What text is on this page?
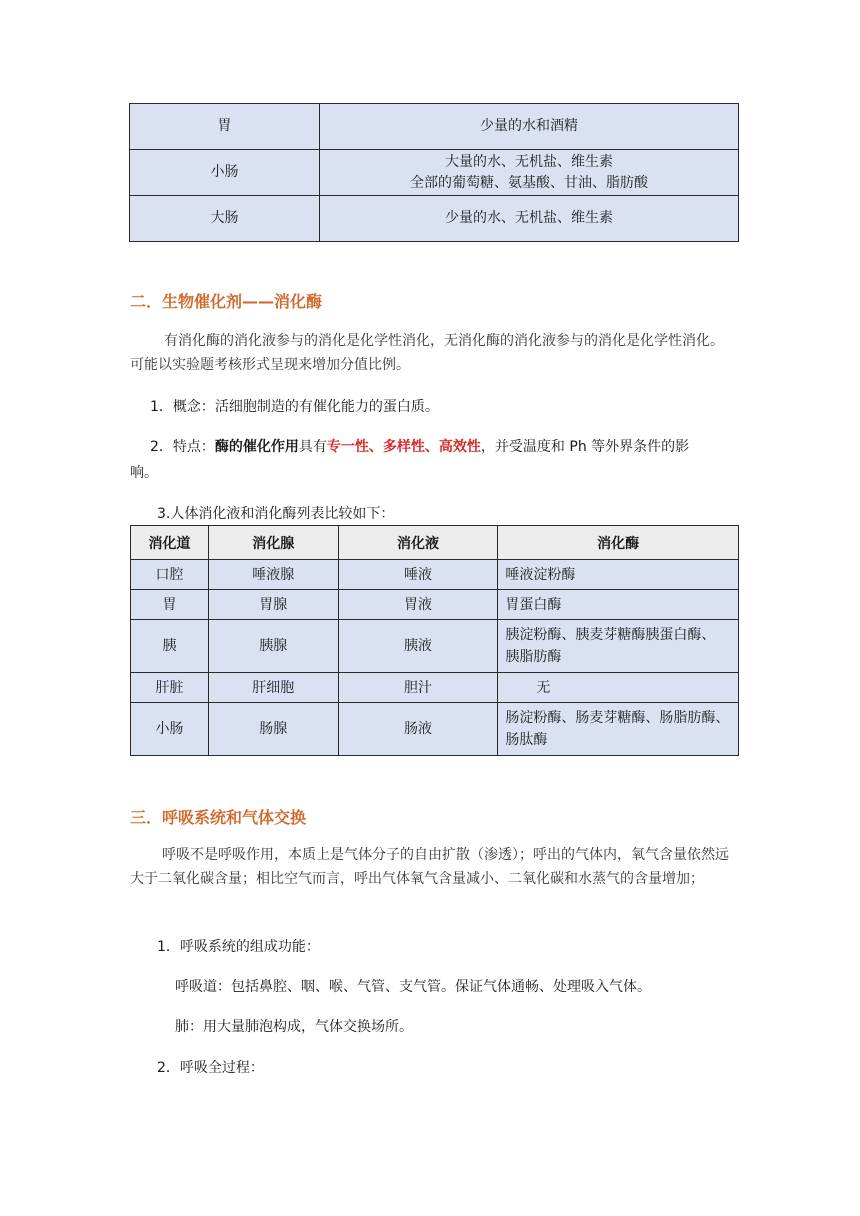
胃	少量的水和酒精

小肠	大量的水、无机盐、维生素
全部的葡萄糖、氨基酸、甘油、脂肪酸

大肠	少量的水、无机盐、维生素
二．生物催化剂——消化酶

有消化酶的消化液参与的消化是化学性消化，无消化酶的消化液参与的消化是化学性消化。可能以实验题考核形式呈现来增加分值比例。

1．概念：活细胞制造的有催化能力的蛋白质。

2．特点：酶的催化作用具有专一性、多样性、高效性，并受温度和 Ph 等外界条件的影

响。

3.人体消化液和消化酶列表比较如下：

消化道	消化腺	消化液	消化酶
口腔	唾液腺	唾液	唾液淀粉酶
胃	胃腺	胃液	胃蛋白酶
胰	胰腺	胰液	胰淀粉酶、胰麦芽糖酶胰蛋白酶、
胰脂肪酶

肝脏	肝细胞	胆汁	无
小肠	肠腺	肠液	肠淀粉酶、肠麦芽糖酶、肠脂肪酶、
肠肽酶
三．呼吸系统和气体交换

呼吸不是呼吸作用，本质上是气体分子的自由扩散（渗透）；呼出的气体内，氧气含量依然远大于二氧化碳含量；相比空气而言，呼出气体氧气含量减小、二氧化碳和水蒸气的含量增加；

1．呼吸系统的组成功能：

呼吸道：包括鼻腔、咽、喉、气管、支气管。保证气体通畅、处理吸入气体。

肺：用大量肺泡构成，气体交换场所。

2．呼吸全过程：
